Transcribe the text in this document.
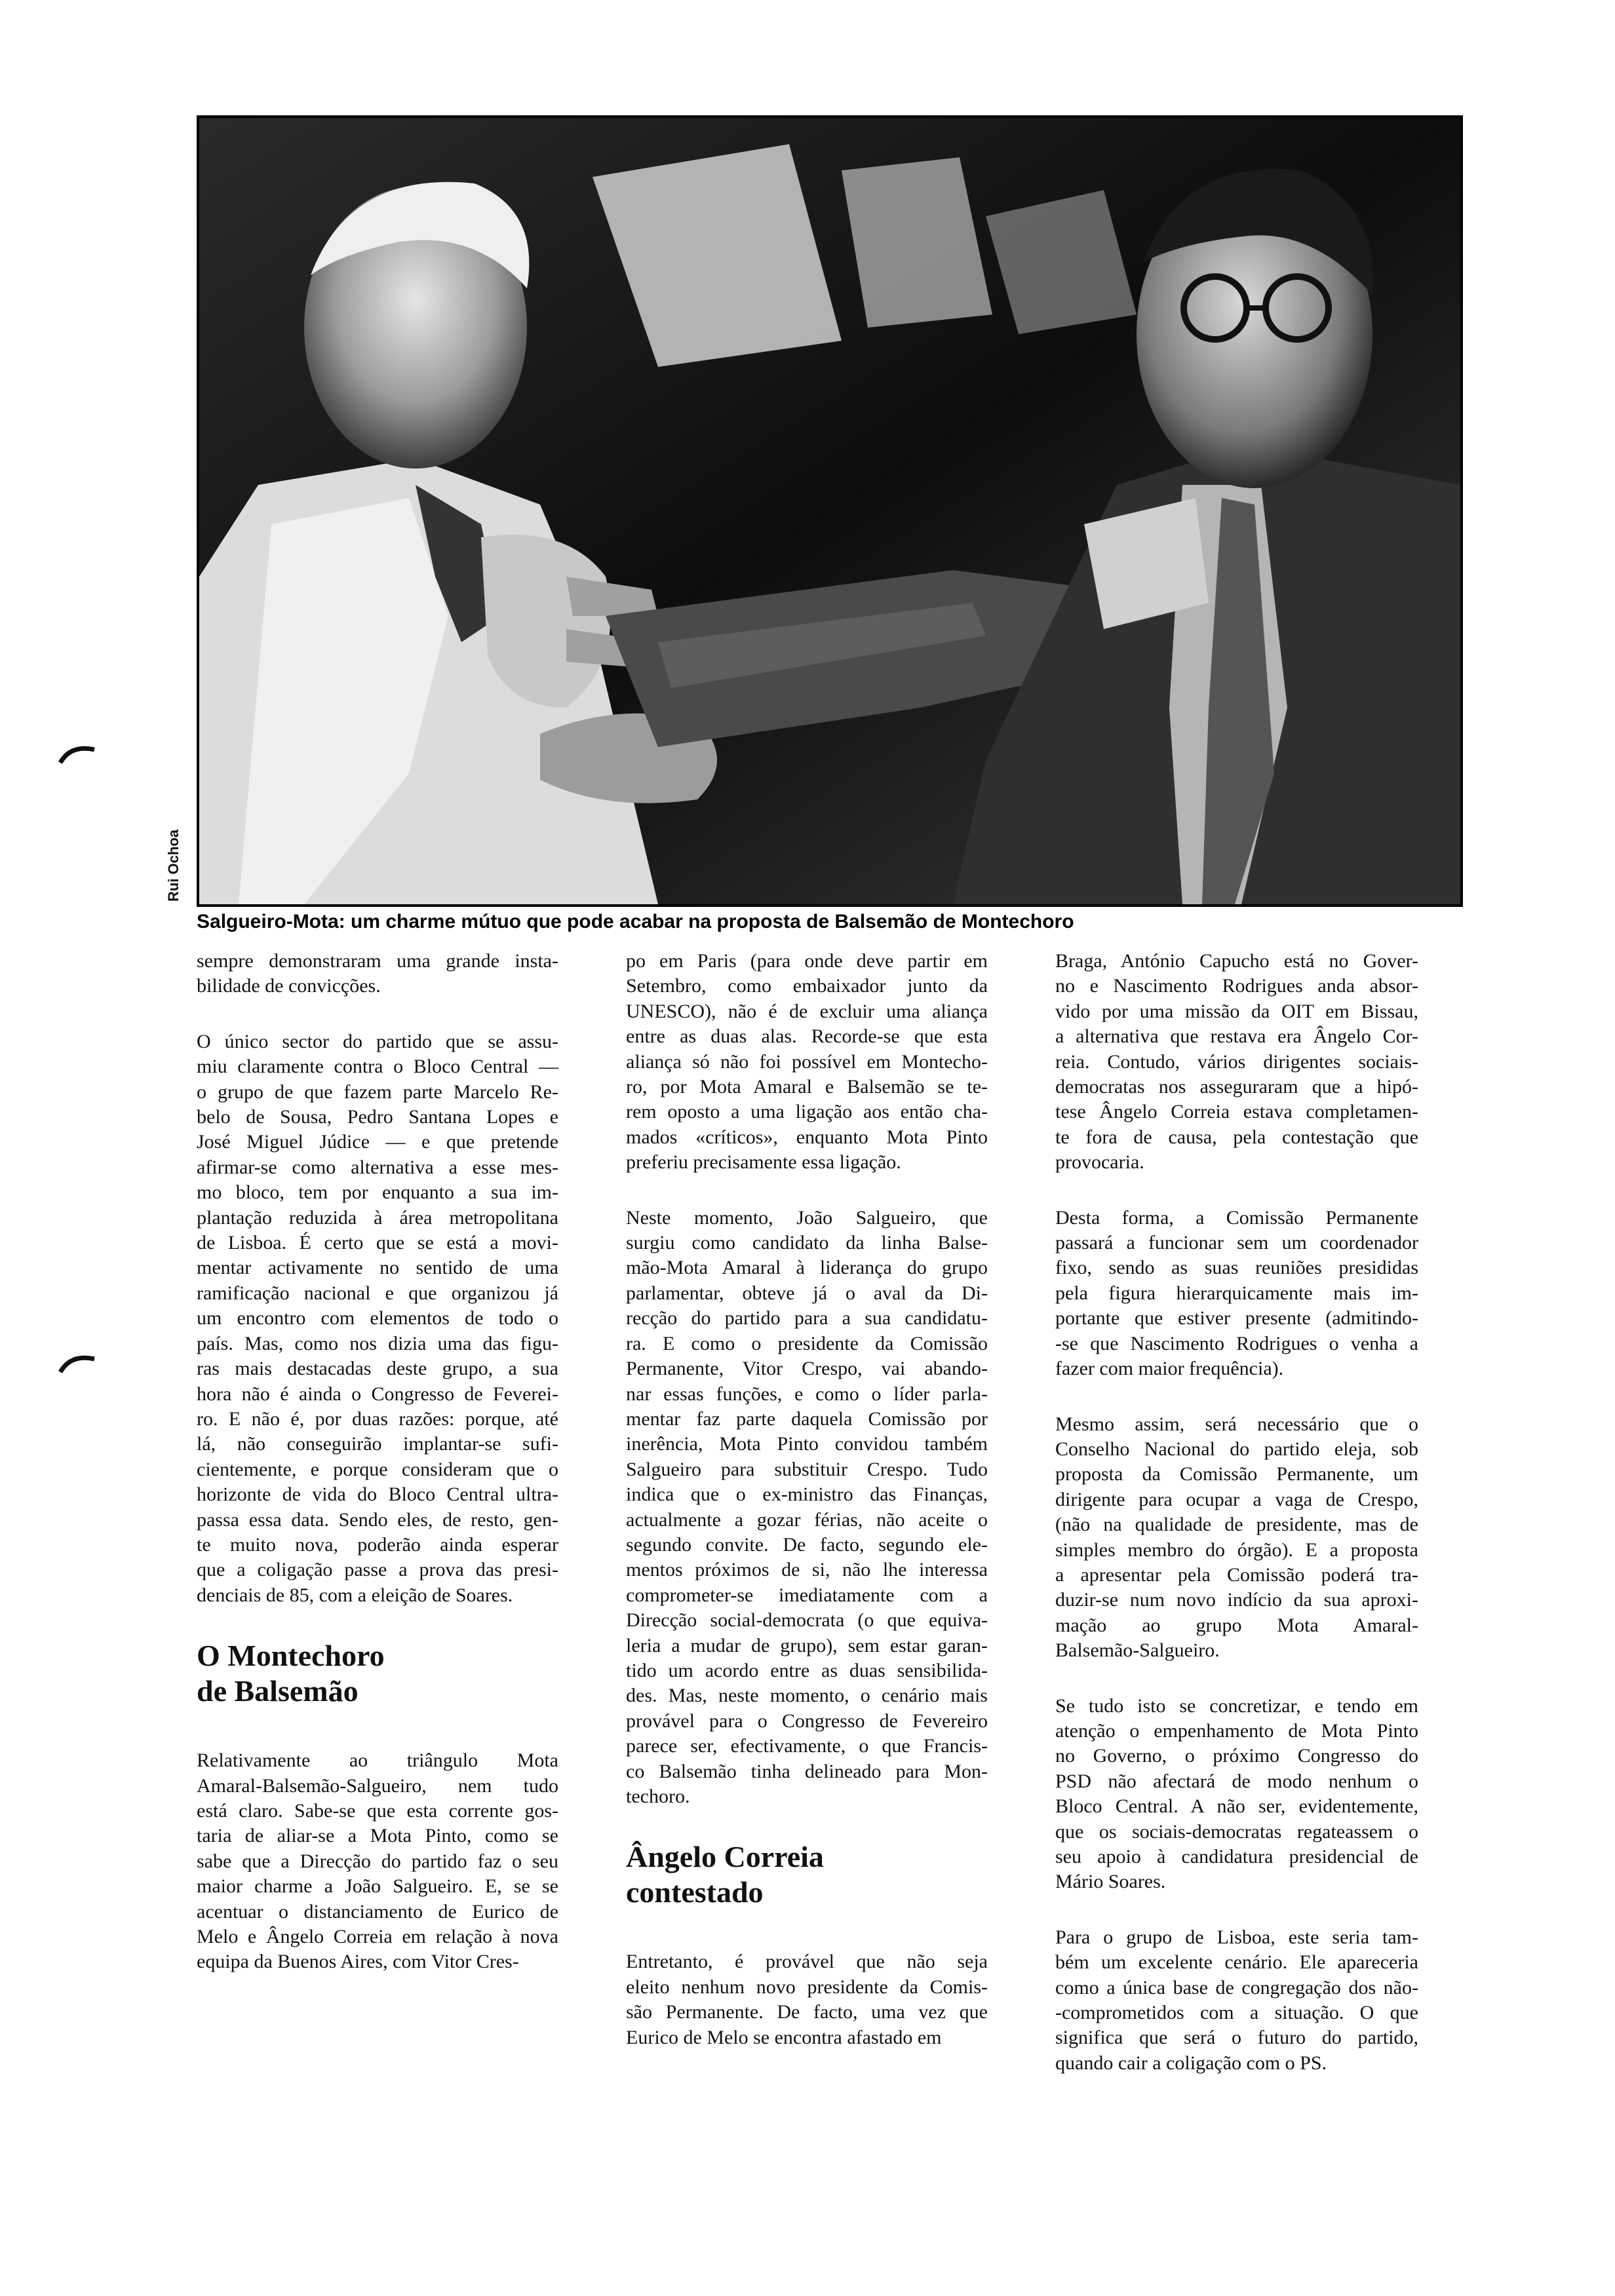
Rui Ochoa
Salgueiro-Mota: um charme mútuo que pode acabar na proposta de Balsemão de Montechoro

sempre demonstraram uma grande insta-
bilidade de convicções.

O único sector do partido que se assu-
miu claramente contra o Bloco Central —
o grupo de que fazem parte Marcelo Re-
belo de Sousa, Pedro Santana Lopes e
José Miguel Júdice — e que pretende
afirmar-se como alternativa a esse mes-
mo bloco, tem por enquanto a sua im-
plantação reduzida à área metropolitana
de Lisboa. É certo que se está a movi-
mentar activamente no sentido de uma
ramificação nacional e que organizou já
um encontro com elementos de todo o
país. Mas, como nos dizia uma das figu-
ras mais destacadas deste grupo, a sua
hora não é ainda o Congresso de Feverei-
ro. E não é, por duas razões: porque, até
lá, não conseguirão implantar-se sufi-
cientemente, e porque consideram que o
horizonte de vida do Bloco Central ultra-
passa essa data. Sendo eles, de resto, gen-
te muito nova, poderão ainda esperar
que a coligação passe a prova das presi-
denciais de 85, com a eleição de Soares.

O Montechoro
de Balsemão

Relativamente ao triângulo Mota
Amaral-Balsemão-Salgueiro, nem tudo
está claro. Sabe-se que esta corrente gos-
taria de aliar-se a Mota Pinto, como se
sabe que a Direcção do partido faz o seu
maior charme a João Salgueiro. E, se se
acentuar o distanciamento de Eurico de
Melo e Ângelo Correia em relação à nova
equipa da Buenos Aires, com Vitor Cres-

po em Paris (para onde deve partir em
Setembro, como embaixador junto da
UNESCO), não é de excluir uma aliança
entre as duas alas. Recorde-se que esta
aliança só não foi possível em Montecho-
ro, por Mota Amaral e Balsemão se te-
rem oposto a uma ligação aos então cha-
mados «críticos», enquanto Mota Pinto
preferiu precisamente essa ligação.

Neste momento, João Salgueiro, que
surgiu como candidato da linha Balse-
mão-Mota Amaral à liderança do grupo
parlamentar, obteve já o aval da Di-
recção do partido para a sua candidatu-
ra. E como o presidente da Comissão
Permanente, Vitor Crespo, vai abando-
nar essas funções, e como o líder parla-
mentar faz parte daquela Comissão por
inerência, Mota Pinto convidou também
Salgueiro para substituir Crespo. Tudo
indica que o ex-ministro das Finanças,
actualmente a gozar férias, não aceite o
segundo convite. De facto, segundo ele-
mentos próximos de si, não lhe interessa
comprometer-se imediatamente com a
Direcção social-democrata (o que equiva-
leria a mudar de grupo), sem estar garan-
tido um acordo entre as duas sensibilida-
des. Mas, neste momento, o cenário mais
provável para o Congresso de Fevereiro
parece ser, efectivamente, o que Francis-
co Balsemão tinha delineado para Mon-
techoro.

Ângelo Correia
contestado

Entretanto, é provável que não seja
eleito nenhum novo presidente da Comis-
são Permanente. De facto, uma vez que
Eurico de Melo se encontra afastado em

Braga, António Capucho está no Gover-
no e Nascimento Rodrigues anda absor-
vido por uma missão da OIT em Bissau,
a alternativa que restava era Ângelo Cor-
reia. Contudo, vários dirigentes sociais-
democratas nos asseguraram que a hipó-
tese Ângelo Correia estava completamen-
te fora de causa, pela contestação que
provocaria.

Desta forma, a Comissão Permanente
passará a funcionar sem um coordenador
fixo, sendo as suas reuniões presididas
pela figura hierarquicamente mais im-
portante que estiver presente (admitindo-
-se que Nascimento Rodrigues o venha a
fazer com maior frequência).

Mesmo assim, será necessário que o
Conselho Nacional do partido eleja, sob
proposta da Comissão Permanente, um
dirigente para ocupar a vaga de Crespo,
(não na qualidade de presidente, mas de
simples membro do órgão). E a proposta
a apresentar pela Comissão poderá tra-
duzir-se num novo indício da sua aproxi-
mação ao grupo Mota Amaral-
Balsemão-Salgueiro.

Se tudo isto se concretizar, e tendo em
atenção o empenhamento de Mota Pinto
no Governo, o próximo Congresso do
PSD não afectará de modo nenhum o
Bloco Central. A não ser, evidentemente,
que os sociais-democratas regateassem o
seu apoio à candidatura presidencial de
Mário Soares.

Para o grupo de Lisboa, este seria tam-
bém um excelente cenário. Ele apareceria
como a única base de congregação dos não-
-comprometidos com a situação. O que
significa que será o futuro do partido,
quando cair a coligação com o PS.
